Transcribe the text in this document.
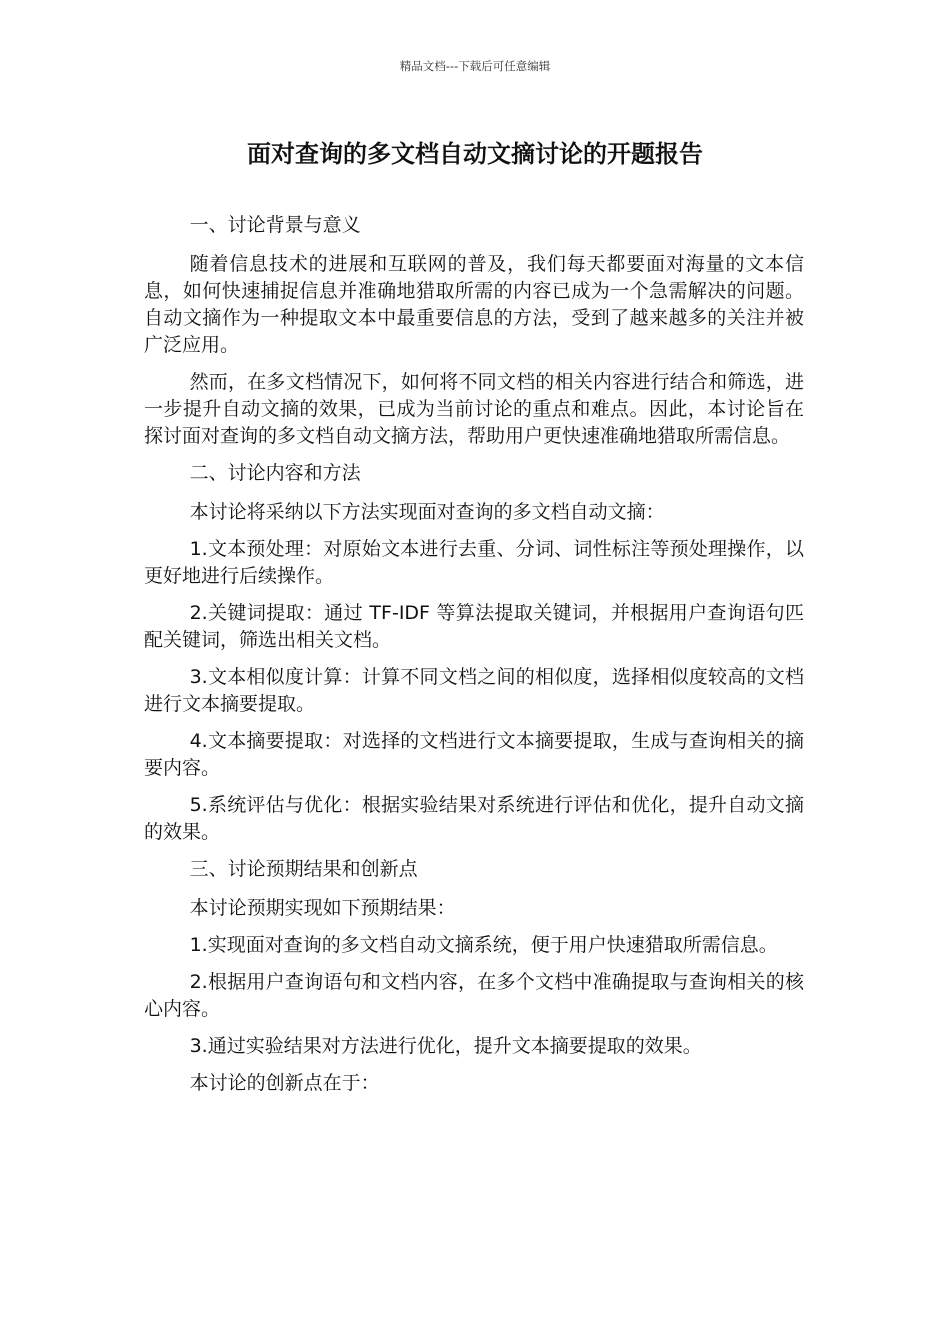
精品文档---下载后可任意编辑
面对查询的多文档自动文摘讨论的开题报告

一、讨论背景与意义

随着信息技术的进展和互联网的普及，我们每天都要面对海量的文本信息，如何快速捕捉信息并准确地猎取所需的内容已成为一个急需解决的问题。自动文摘作为一种提取文本中最重要信息的方法，受到了越来越多的关注并被广泛应用。

然而，在多文档情况下，如何将不同文档的相关内容进行结合和筛选，进一步提升自动文摘的效果，已成为当前讨论的重点和难点。因此，本讨论旨在探讨面对查询的多文档自动文摘方法，帮助用户更快速准确地猎取所需信息。

二、讨论内容和方法

本讨论将采纳以下方法实现面对查询的多文档自动文摘：

1.文本预处理：对原始文本进行去重、分词、词性标注等预处理操作，以更好地进行后续操作。

2.关键词提取：通过 TF-IDF 等算法提取关键词，并根据用户查询语句匹配关键词，筛选出相关文档。

3.文本相似度计算：计算不同文档之间的相似度，选择相似度较高的文档进行文本摘要提取。

4.文本摘要提取：对选择的文档进行文本摘要提取，生成与查询相关的摘要内容。

5.系统评估与优化：根据实验结果对系统进行评估和优化，提升自动文摘的效果。

三、讨论预期结果和创新点

本讨论预期实现如下预期结果：

1.实现面对查询的多文档自动文摘系统，便于用户快速猎取所需信息。

2.根据用户查询语句和文档内容，在多个文档中准确提取与查询相关的核心内容。

3.通过实验结果对方法进行优化，提升文本摘要提取的效果。

本讨论的创新点在于：
